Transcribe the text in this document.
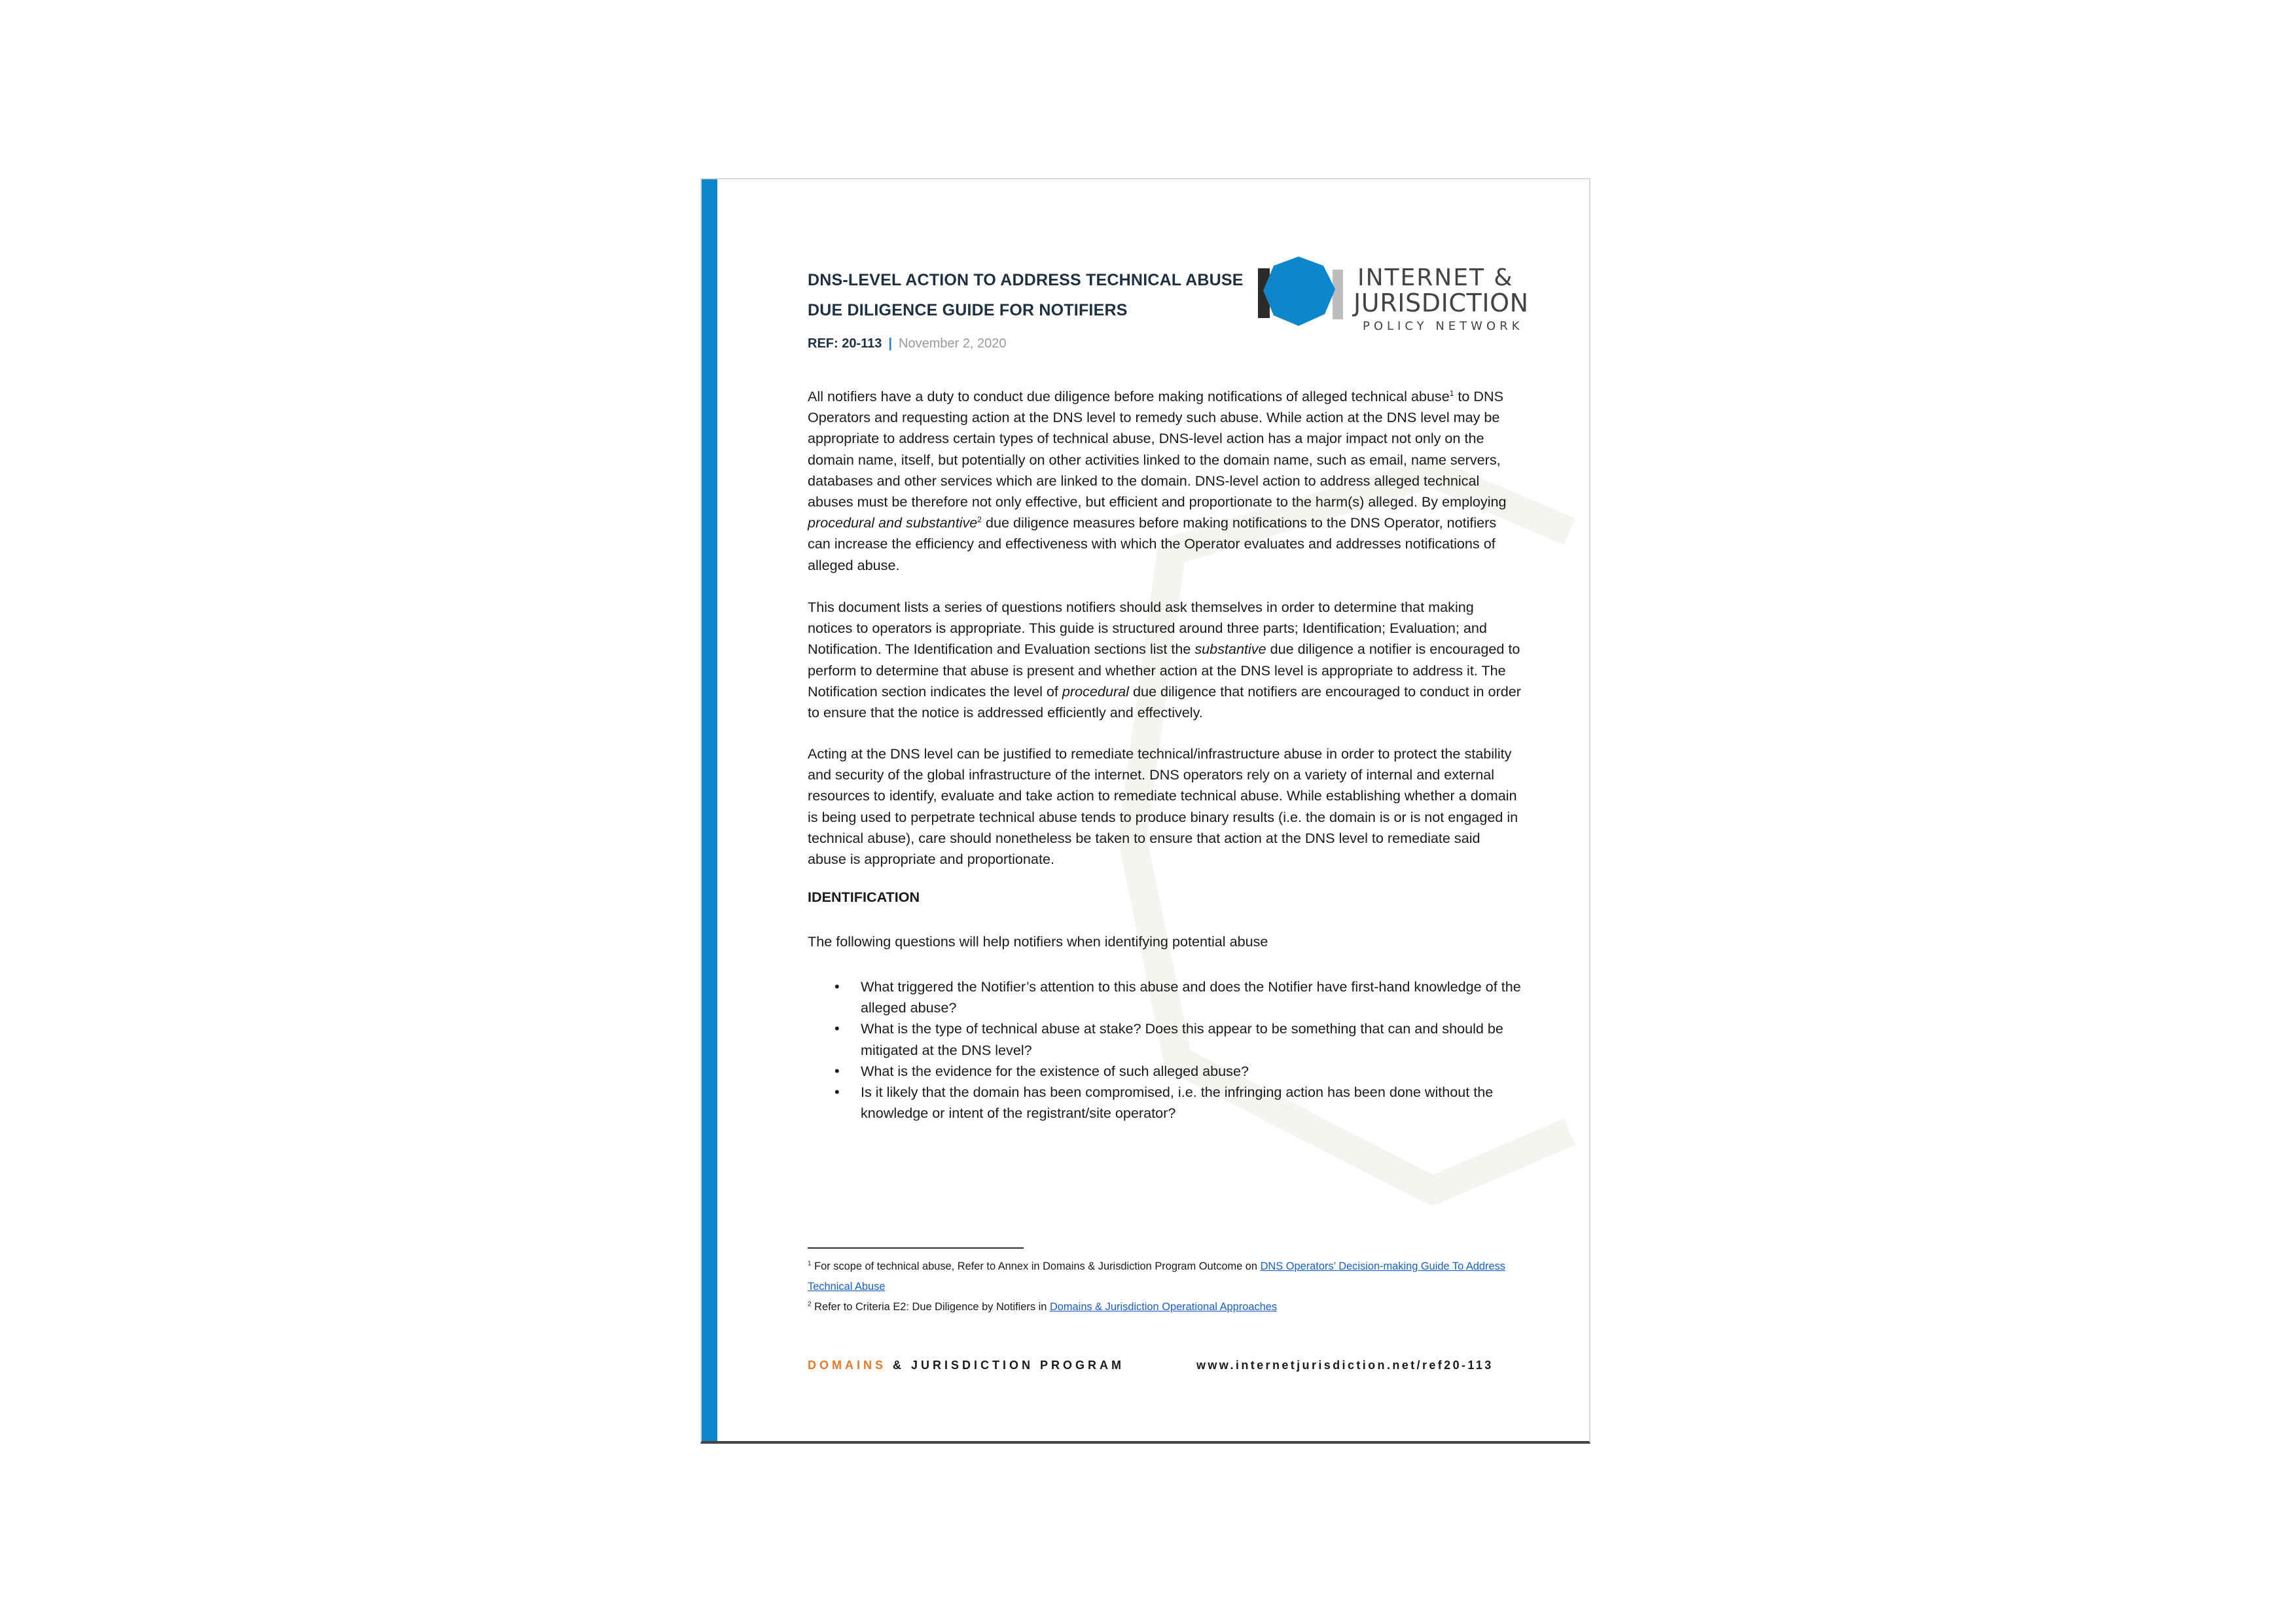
DNS-LEVEL ACTION TO ADDRESS TECHNICAL ABUSE
DUE DILIGENCE GUIDE FOR NOTIFIERS
REF: 20-113 | November 2, 2020
INTERNET &
JURISDICTION
POLICY NETWORK

All notifiers have a duty to conduct due diligence before making notifications of alleged technical abuse$^1$ to DNS Operators and requesting action at the DNS level to remedy such abuse. While action at the DNS level may be appropriate to address certain types of technical abuse, DNS-level action has a major impact not only on the domain name, itself, but potentially on other activities linked to the domain name, such as email, name servers, databases and other services which are linked to the domain. DNS-level action to address alleged technical abuses must be therefore not only effective, but efficient and proportionate to the harm(s) alleged. By employing procedural and substantive$^2$ due diligence measures before making notifications to the DNS Operator, notifiers can increase the efficiency and effectiveness with which the Operator evaluates and addresses notifications of alleged abuse.

This document lists a series of questions notifiers should ask themselves in order to determine that making notices to operators is appropriate. This guide is structured around three parts; Identification; Evaluation; and Notification. The Identification and Evaluation sections list the substantive due diligence a notifier is encouraged to perform to determine that abuse is present and whether action at the DNS level is appropriate to address it. The Notification section indicates the level of procedural due diligence that notifiers are encouraged to conduct in order to ensure that the notice is addressed efficiently and effectively.

Acting at the DNS level can be justified to remediate technical/infrastructure abuse in order to protect the stability and security of the global infrastructure of the internet. DNS operators rely on a variety of internal and external resources to identify, evaluate and take action to remediate technical abuse. While establishing whether a domain is being used to perpetrate technical abuse tends to produce binary results (i.e. the domain is or is not engaged in technical abuse), care should nonetheless be taken to ensure that action at the DNS level to remediate said abuse is appropriate and proportionate.

IDENTIFICATION

The following questions will help notifiers when identifying potential abuse

• What triggered the Notifier’s attention to this abuse and does the Notifier have first-hand knowledge of the alleged abuse?
• What is the type of technical abuse at stake? Does this appear to be something that can and should be mitigated at the DNS level?
• What is the evidence for the existence of such alleged abuse?
• Is it likely that the domain has been compromised, i.e. the infringing action has been done without the knowledge or intent of the registrant/site operator?

$^1$ For scope of technical abuse, Refer to Annex in Domains & Jurisdiction Program Outcome on DNS Operators’ Decision-making Guide To Address Technical Abuse

$^2$ Refer to Criteria E2: Due Diligence by Notifiers in Domains & Jurisdiction Operational Approaches

DOMAINS & JURISDICTION PROGRAM	www.internetjurisdiction.net/ref20-113
